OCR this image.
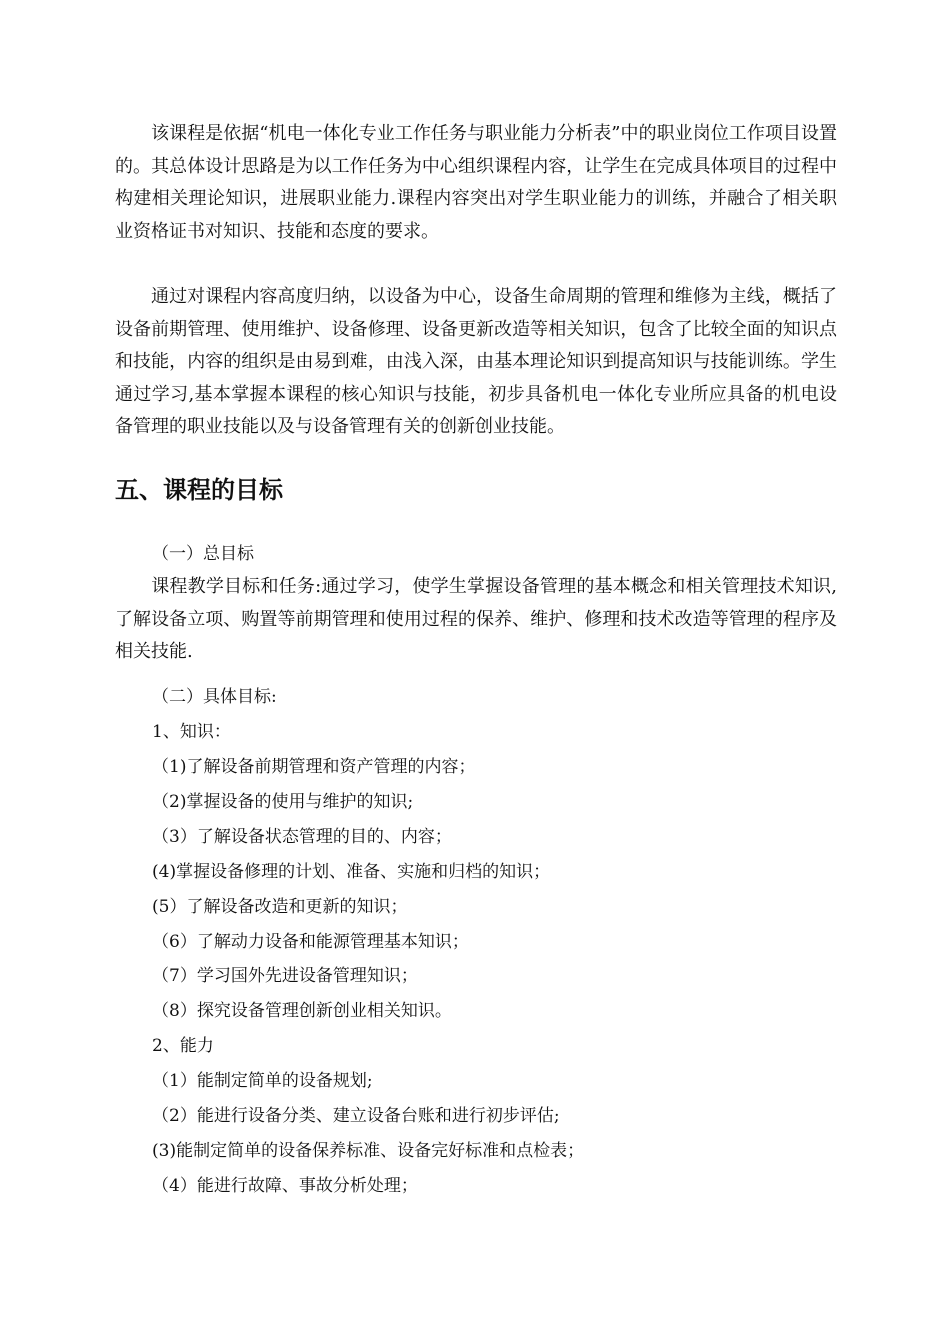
该课程是依据“机电一体化专业工作任务与职业能力分析表”中的职业岗位工作项目设置的。其总体设计思路是为以工作任务为中心组织课程内容，让学生在完成具体项目的过程中构建相关理论知识，进展职业能力.课程内容突出对学生职业能力的训练，并融合了相关职业资格证书对知识、技能和态度的要求。

通过对课程内容高度归纳，以设备为中心，设备生命周期的管理和维修为主线，概括了设备前期管理、使用维护、设备修理、设备更新改造等相关知识，包含了比较全面的知识点和技能，内容的组织是由易到难，由浅入深，由基本理论知识到提高知识与技能训练。学生通过学习,基本掌握本课程的核心知识与技能，初步具备机电一体化专业所应具备的机电设备管理的职业技能以及与设备管理有关的创新创业技能。

五、课程的目标

（一）总目标

课程教学目标和任务:通过学习，使学生掌握设备管理的基本概念和相关管理技术知识,了解设备立项、购置等前期管理和使用过程的保养、维护、修理和技术改造等管理的程序及相关技能.

（二）具体目标:

1、知识：

（1)了解设备前期管理和资产管理的内容；

（2)掌握设备的使用与维护的知识;

（3）了解设备状态管理的目的、内容；

(4)掌握设备修理的计划、准备、实施和归档的知识；

(5）了解设备改造和更新的知识；

（6）了解动力设备和能源管理基本知识；

（7）学习国外先进设备管理知识；

（8）探究设备管理创新创业相关知识。

2、能力

（1）能制定简单的设备规划;

（2）能进行设备分类、建立设备台账和进行初步评估;

(3)能制定简单的设备保养标准、设备完好标准和点检表；

（4）能进行故障、事故分析处理；
